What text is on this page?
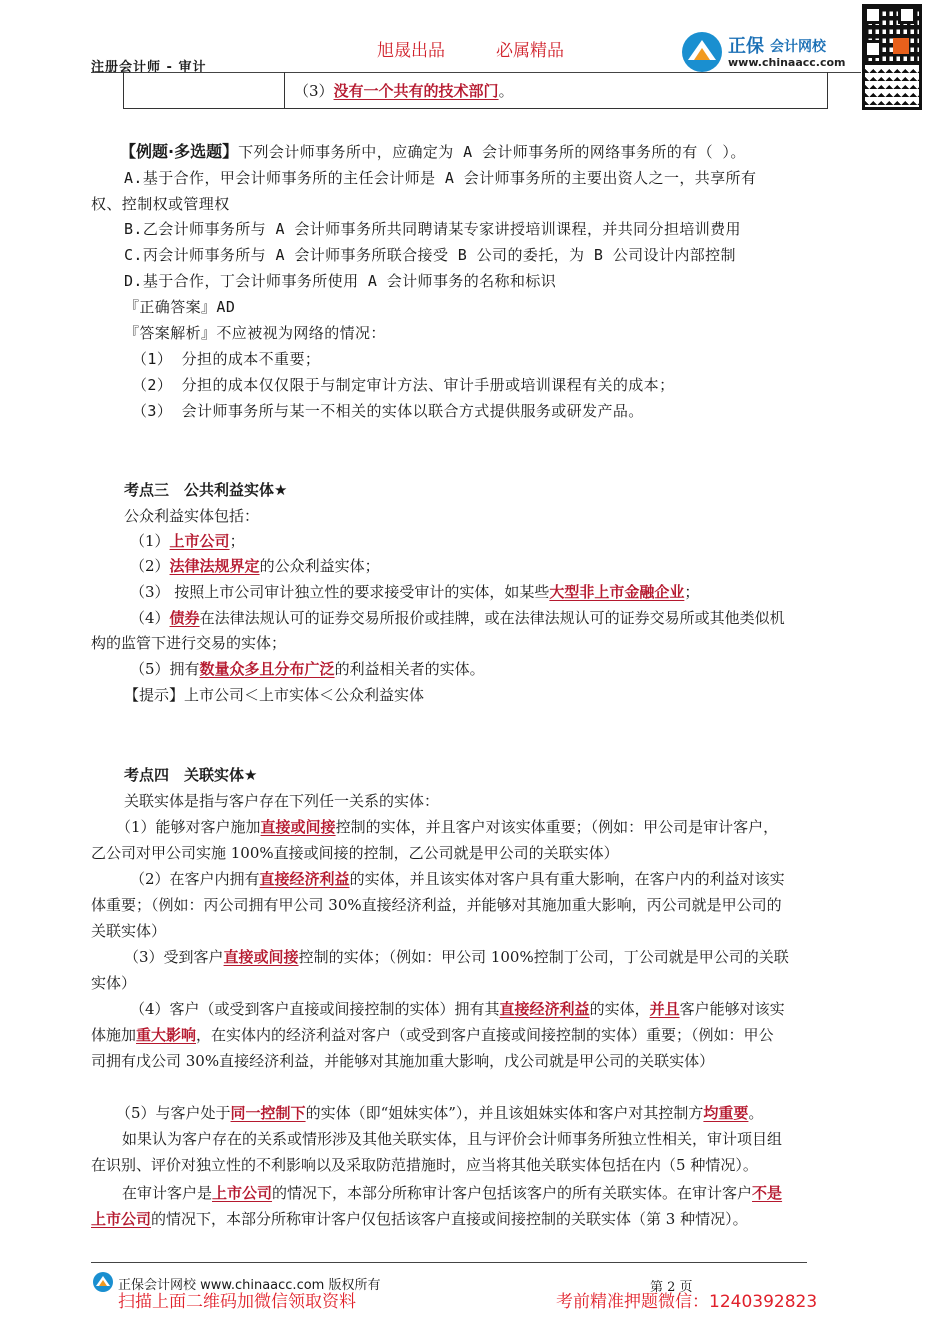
注册会计师 - 审计
旭晟出品	必属精品	正保 会计网校
www.chinaacc.com
（3）没有一个共有的技术部门。
【例题·多选题】下列会计师事务所中，应确定为 A 会计师事务所的网络事务所的有（ ）。
A.基于合作，甲会计师事务所的主任会计师是 A 会计师事务所的主要出资人之一，共享所有
权、控制权或管理权
B.乙会计师事务所与 A 会计师事务所共同聘请某专家讲授培训课程，并共同分担培训费用
C.丙会计师事务所与 A 会计师事务所联合接受 B 公司的委托，为 B 公司设计内部控制
D.基于合作，丁会计师事务所使用 A 会计师事务的名称和标识
『正确答案』AD
『答案解析』不应被视为网络的情况：
（1） 分担的成本不重要；
（2） 分担的成本仅仅限于与制定审计方法、审计手册或培训课程有关的成本；
（3） 会计师事务所与某一不相关的实体以联合方式提供服务或研发产品。
考点三　公共利益实体★
公众利益实体包括：
（1）上市公司；
（2）法律法规界定的公众利益实体；
（3） 按照上市公司审计独立性的要求接受审计的实体，如某些大型非上市金融企业；
（4）债券在法律法规认可的证券交易所报价或挂牌，或在法律法规认可的证券交易所或其他类似机
构的监管下进行交易的实体；
（5）拥有数量众多且分布广泛的利益相关者的实体。
【提示】上市公司＜上市实体＜公众利益实体
考点四　关联实体★
关联实体是指与客户存在下列任一关系的实体：
（1）能够对客户施加直接或间接控制的实体，并且客户对该实体重要；（例如：甲公司是审计客户，
乙公司对甲公司实施 100%直接或间接的控制，乙公司就是甲公司的关联实体）
（2）在客户内拥有直接经济利益的实体，并且该实体对客户具有重大影响，在客户内的利益对该实
体重要；（例如：丙公司拥有甲公司 30%直接经济利益，并能够对其施加重大影响，丙公司就是甲公司的
关联实体）
（3）受到客户直接或间接控制的实体；（例如：甲公司 100%控制丁公司，丁公司就是甲公司的关联
实体）
（4）客户（或受到客户直接或间接控制的实体）拥有其直接经济利益的实体，并且客户能够对该实
体施加重大影响，在实体内的经济利益对客户（或受到客户直接或间接控制的实体）重要；（例如：甲公
司拥有戊公司 30%直接经济利益，并能够对其施加重大影响，戊公司就是甲公司的关联实体）
（5）与客户处于同一控制下的实体（即“姐妹实体”），并且该姐妹实体和客户对其控制方均重要。
如果认为客户存在的关系或情形涉及其他关联实体，且与评价会计师事务所独立性相关，审计项目组
在识别、评价对独立性的不利影响以及采取防范措施时，应当将其他关联实体包括在内（5 种情况）。
在审计客户是上市公司的情况下，本部分所称审计客户包括该客户的所有关联实体。在审计客户不是
上市公司的情况下，本部分所称审计客户仅包括该客户直接或间接控制的关联实体（第 3 种情况）。
正保会计网校 www.chinaacc.com 版权所有	第 2 页
扫描上面二维码加微信领取资料	考前精准押题微信：1240392823
